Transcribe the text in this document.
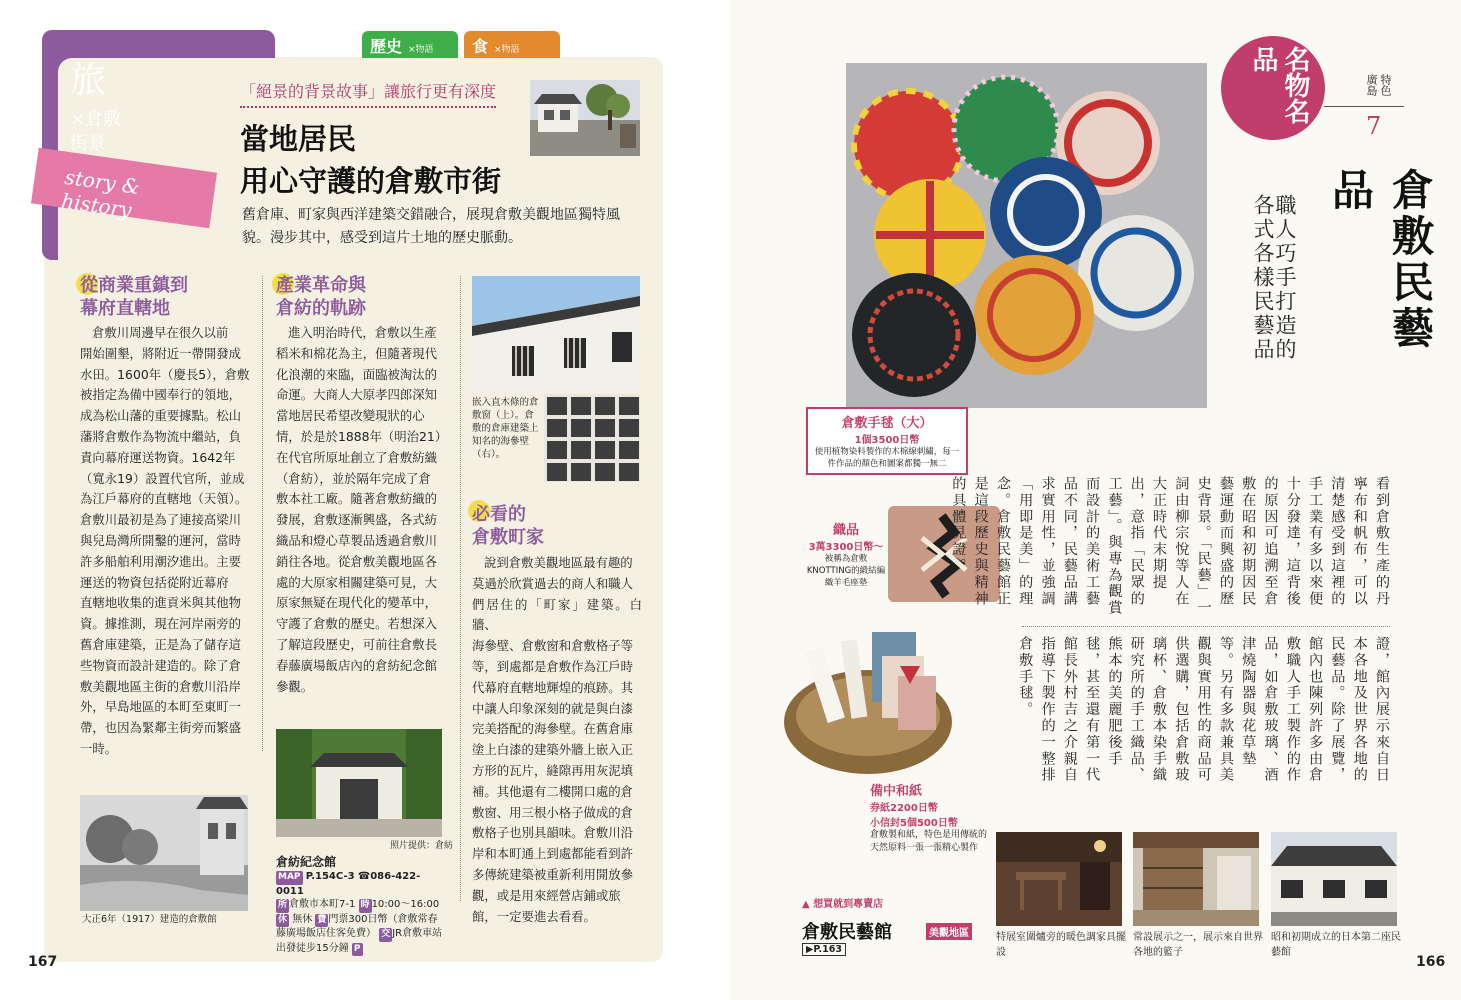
歷史 ×物語	食 ×物語
旅
×倉敷街景
story & history
「絕景的背景故事」讓旅行更有深度
當地居民
用心守護的倉敷市街
舊倉庫、町家與西洋建築交錯融合，展現倉敷美觀地區獨特風貌。漫步其中，感受到這片土地的歷史脈動。
從商業重鎮到
幕府直轄地
倉敷川周邊早在很久以前
開始圍墾，將附近一帶開發成
水田。1600年（慶長5），倉敷
被指定為備中國奉行的領地，
成為松山藩的重要據點。松山
藩將倉敷作為物流中繼站，負
責向幕府運送物資。1642年
（寬永19）設置代官所，並成
為江戶幕府的直轄地（天領）。
倉敷川最初是為了連接高梁川
與兒島灣所開鑿的運河，當時
許多船舶利用潮汐進出。主要
運送的物資包括從附近幕府
直轄地收集的進貢米與其他物
資。據推測，現在河岸兩旁的
舊倉庫建築，正是為了儲存這
些物資而設計建造的。除了倉
敷美觀地區主街的倉敷川沿岸
外，早島地區的本町至東町一
帶，也因為緊鄰主街旁而繁盛
一時。
產業革命與
倉紡的軌跡
進入明治時代，倉敷以生產
稻米和棉花為主，但隨著現代
化浪潮的來臨，面臨被淘汰的
命運。大商人大原孝四郎深知
當地居民希望改變現狀的心
情，於是於1888年（明治21）
在代官所原址創立了倉敷紡織
（倉紡），並於隔年完成了倉
敷本社工廠。隨著倉敷紡織的
發展，倉敷逐漸興盛，各式紡
織品和燈心草製品透過倉敷川
銷往各地。從倉敷美觀地區各
處的大原家相關建築可見，大
原家無疑在現代化的變革中，
守護了倉敷的歷史。若想深入
了解這段歷史，可前往倉敷長
春藤廣場飯店內的倉紡紀念館
參觀。
嵌入直木條的倉敷窗（上）。倉敷的倉庫建築上知名的海參壁（右）。
必看的
倉敷町家
說到倉敷美觀地區最有趣的
莫過於欣賞過去的商人和職人
們居住的「町家」建築。白牆、
海參壁、倉敷窗和倉敷格子等
等，到處都是倉敷作為江戶時
代幕府直轄地輝煌的痕跡。其
中讓人印象深刻的就是與白漆
完美搭配的海參壁。在舊倉庫
塗上白漆的建築外牆上嵌入正
方形的瓦片，縫隙再用灰泥填
補。其他還有二樓開口處的倉
敷窗、用三根小格子做成的倉
敷格子也別具韻味。倉敷川沿
岸和本町通上到處都能看到許
多傳統建築被重新利用開放參
觀，或是用來經營店鋪或旅
館，一定要進去看看。
大正6年（1917）建造的倉敷館
照片提供：倉紡
倉紡紀念館
MAP P.154C-3 ☎086-422-0011
所 倉敷市本町7-1 時 10:00～16:00 休 無休 費 門票300日幣（倉敷常春藤廣場飯店住客免費） 交 JR倉敷車站出發徒步15分鐘 P
167
倉敷手毬（大）
1個3500日幣
使用植物染料製作的木棉線刺繡，每一件作品的顏色和圖案都獨一無二
織品
3萬3300日幣～
被稱為倉敷KNOTTING的緞結編織羊毛座墊
備中和紙
券紙2200日幣
小信封5個500日幣
倉敷製和紙，特色是用傳統的天然原料一張一張精心製作
名物名品
特色廣島
7
倉敷民藝品
職人巧手打造的各式各樣民藝品
看到倉敷生產的丹寧布和帆布，可以清楚感受到這裡的手工業有多以來便十分發達，這背後的原因可追溯至倉敷在昭和初期因民藝運動而興盛的歷史背景。「民藝」一詞由柳宗悅等人在大正時代末期提出，意指「民眾的工藝」。與專為觀賞而設計的美術工藝品不同，民藝品講求實用性，並強調「用即是美」的理念。倉敷民藝館正是這段歷史與精神的具體見證。
證，館內展示來自日本各地及世界各地的民藝品。除了展覽，館內也陳列許多由倉敷職人手工製作的作品，如倉敷玻璃、酒津燒陶器與花草墊等。另有多款兼具美觀與實用性的商品可供選購，包括倉敷玻璃杯、倉敷本染手織研究所的手工織品、熊本的美麗肥後手毬，甚至還有第一代館長外村吉之介親自指導下製作的一整排倉敷手毬。
▲ 想買就到專賣店
倉敷民藝館	美觀地區
▶P.163
特展室圍爐旁的暖色調家具擺設
常設展示之一，展示來自世界各地的籃子
昭和初期成立的日本第二座民藝館
166
